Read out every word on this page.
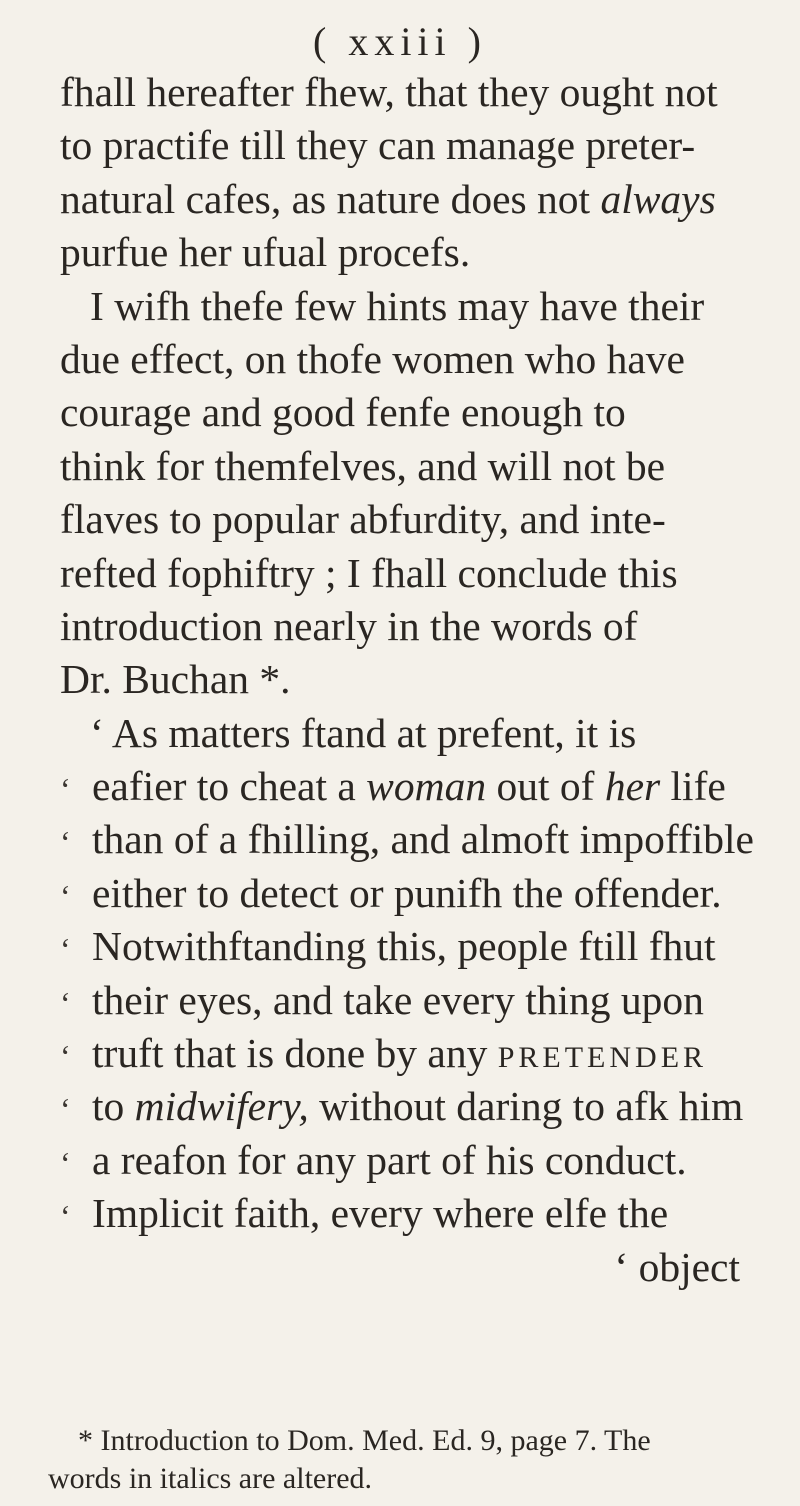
( xxiii )
fhall hereafter fhew, that they ought not
to practife till they can manage preter-
natural cafes, as nature does not always
purfue her ufual procefs.
I wifh thefe few hints may have their
due effect, on thofe women who have
courage and good fenfe enough to
think for themfelves, and will not be
flaves to popular abfurdity, and inte-
refted fophiftry ; I fhall conclude this
introduction nearly in the words of
Dr. Buchan *.
‘ As matters ftand at prefent, it is
‘ eafier to cheat a woman out of her life
‘ than of a fhilling, and almoft impoffible
‘ either to detect or punifh the offender.
‘ Notwithftanding this, people ftill fhut
‘ their eyes, and take every thing upon
‘ truft that is done by any PRETENDER
‘ to midwifery, without daring to afk him
‘ a reafon for any part of his conduct.
‘ Implicit faith, every where elfe the
‘ object
* Introduction to Dom. Med. Ed. 9, page 7. The
words in italics are altered.
